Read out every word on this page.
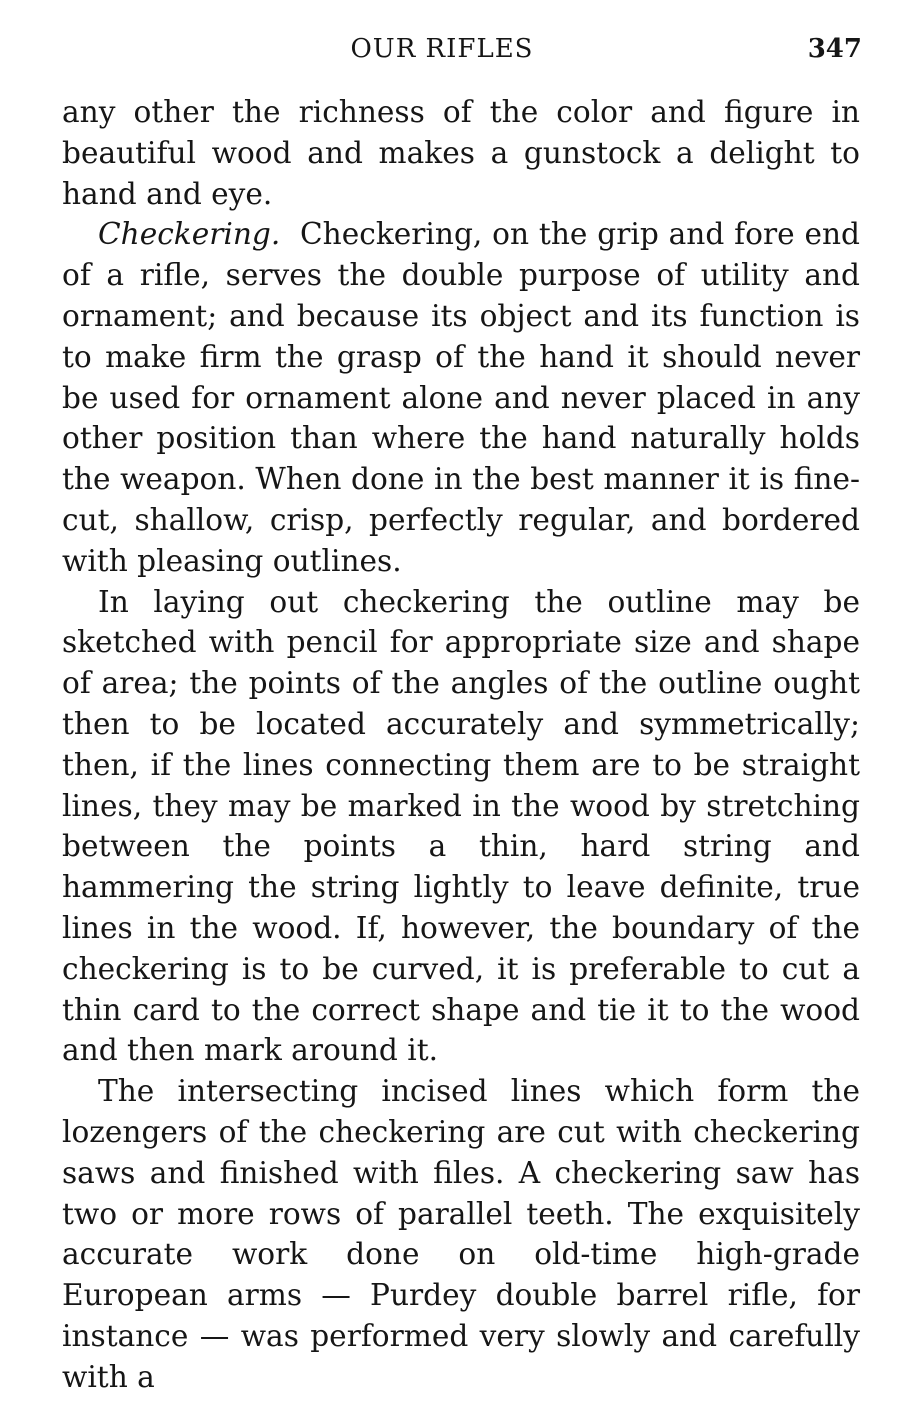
OUR RIFLES	347

any other the richness of the color and figure in beautiful wood and makes a gunstock a delight to hand and eye.

Checkering. Checkering, on the grip and fore end of a rifle, serves the double purpose of utility and ornament; and because its object and its function is to make firm the grasp of the hand it should never be used for ornament alone and never placed in any other position than where the hand naturally holds the weapon. When done in the best manner it is fine-cut, shallow, crisp, perfectly regular, and bordered with pleasing outlines.

In laying out checkering the outline may be sketched with pencil for appropriate size and shape of area; the points of the angles of the outline ought then to be located accurately and symmetrically; then, if the lines connecting them are to be straight lines, they may be marked in the wood by stretching between the points a thin, hard string and hammering the string lightly to leave definite, true lines in the wood. If, however, the boundary of the checkering is to be curved, it is preferable to cut a thin card to the correct shape and tie it to the wood and then mark around it.

The intersecting incised lines which form the lozengers of the checkering are cut with checkering saws and finished with files. A checkering saw has two or more rows of parallel teeth. The exquisitely accurate work done on old-time high-grade European arms — Purdey double barrel rifle, for instance — was performed very slowly and carefully with a
